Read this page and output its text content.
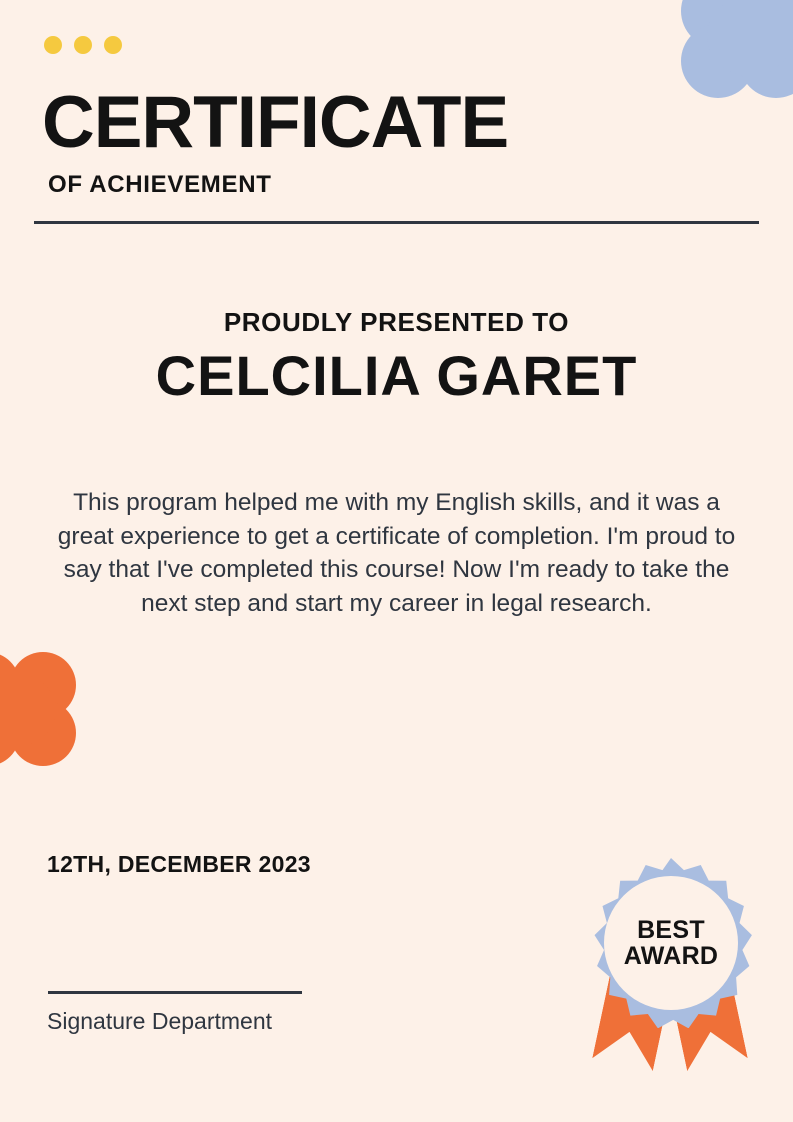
CERTIFICATE
OF ACHIEVEMENT
PROUDLY PRESENTED TO
CELCILIA GARET
This program helped me with my English skills, and it was a great experience to get a certificate of completion. I'm proud to say that I've completed this course! Now I'm ready to take the next step and start my career in legal research.
12TH, DECEMBER 2023
Signature Department
BEST
AWARD
